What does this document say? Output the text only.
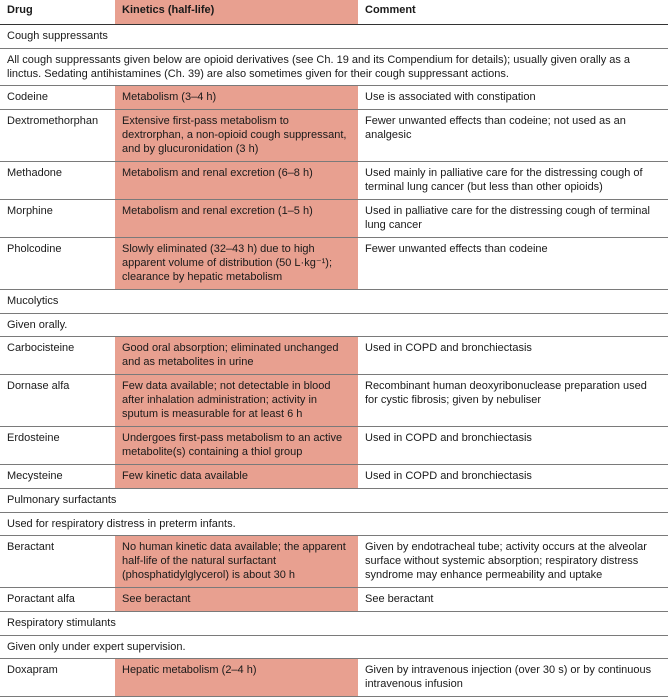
Drug	Kinetics (half-life)	Comment
Cough suppressants		
All cough suppressants given below are opioid derivatives (see Ch. 19 and its Compendium for details); usually given orally as a linctus. Sedating antihistamines (Ch. 39) are also sometimes given for their cough suppressant actions.		
Codeine	Metabolism (3–4 h)	Use is associated with constipation
Dextromethorphan	Extensive first-pass metabolism to dextrorphan, a non-opioid cough suppressant, and by glucuronidation (3 h)	Fewer unwanted effects than codeine; not used as an analgesic
Methadone	Metabolism and renal excretion (6–8 h)	Used mainly in palliative care for the distressing cough of terminal lung cancer (but less than other opioids)
Morphine	Metabolism and renal excretion (1–5 h)	Used in palliative care for the distressing cough of terminal lung cancer
Pholcodine	Slowly eliminated (32–43 h) due to high apparent volume of distribution (50 L·kg⁻¹); clearance by hepatic metabolism	Fewer unwanted effects than codeine
Mucolytics		
Given orally.		
Carbocisteine	Good oral absorption; eliminated unchanged and as metabolites in urine	Used in COPD and bronchiectasis
Dornase alfa	Few data available; not detectable in blood after inhalation administration; activity in sputum is measurable for at least 6 h	Recombinant human deoxyribonuclease preparation used for cystic fibrosis; given by nebuliser
Erdosteine	Undergoes first-pass metabolism to an active metabolite(s) containing a thiol group	Used in COPD and bronchiectasis
Mecysteine	Few kinetic data available	Used in COPD and bronchiectasis
Pulmonary surfactants		
Used for respiratory distress in preterm infants.		
Beractant	No human kinetic data available; the apparent half-life of the natural surfactant (phosphatidylglycerol) is about 30 h	Given by endotracheal tube; activity occurs at the alveolar surface without systemic absorption; respiratory distress syndrome may enhance permeability and uptake
Poractant alfa	See beractant	See beractant
Respiratory stimulants		
Given only under expert supervision.		
Doxapram	Hepatic metabolism (2–4 h)	Given by intravenous injection (over 30 s) or by continuous intravenous infusion
